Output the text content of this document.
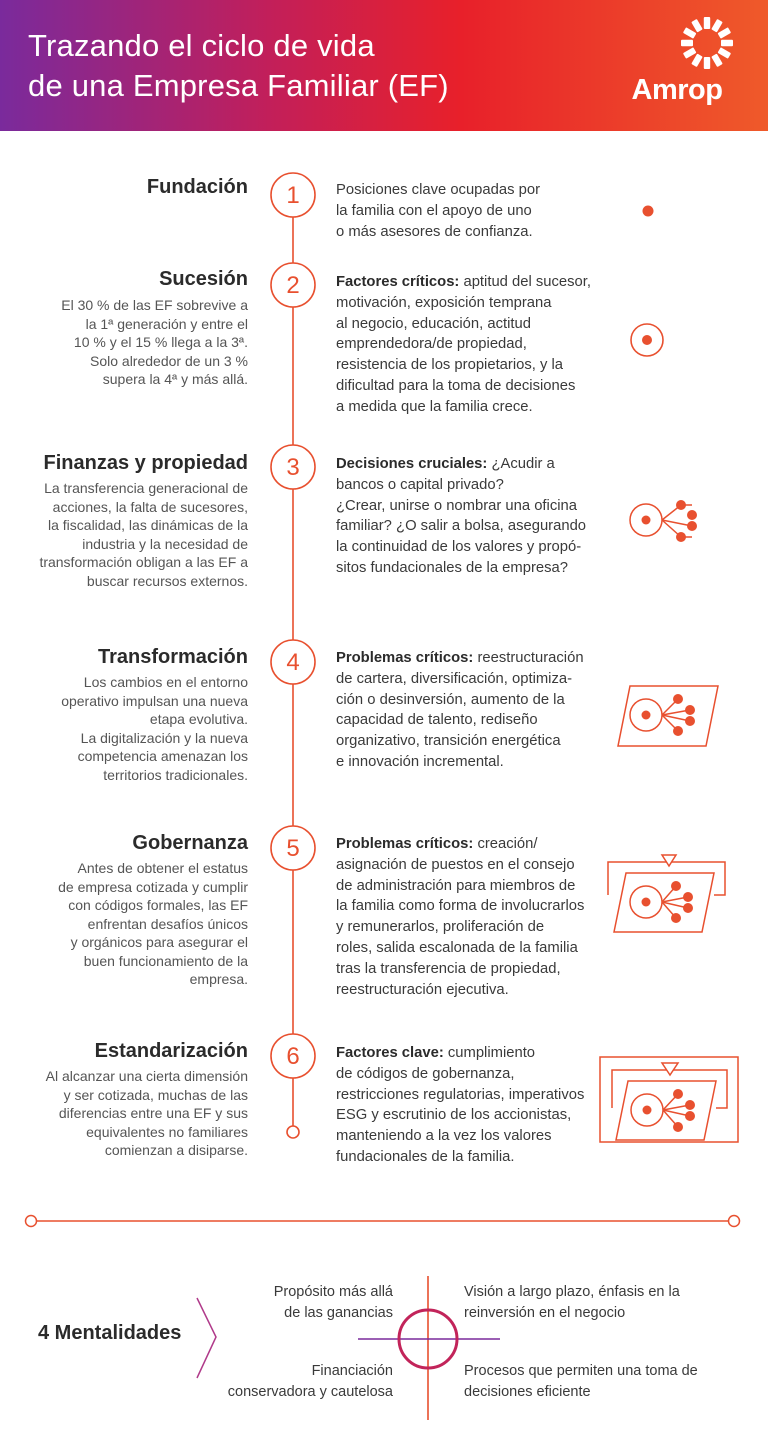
Trazando el ciclo de vida
de una Empresa Familiar (EF)	Amrop
1
2
3
4
5
6
Fundación	Posiciones clave ocupadas por
la familia con el apoyo de uno
o más asesores de confianza.

Sucesión

El 30 % de las EF sobrevive a
la 1ª generación y entre el
10 % y el 15 % llega a la 3ª.
Solo alrededor de un 3 %
supera la 4ª y más allá.

Factores críticos: aptitud del sucesor,
motivación, exposición temprana
al negocio, educación, actitud
emprendedora/de propiedad,
resistencia de los propietarios, y la
dificultad para la toma de decisiones
a medida que la familia crece.

Finanzas y propiedad

La transferencia generacional de
acciones, la falta de sucesores,
la fiscalidad, las dinámicas de la
industria y la necesidad de
transformación obligan a las EF a
buscar recursos externos.

Decisiones cruciales: ¿Acudir a
bancos o capital privado?
¿Crear, unirse o nombrar una oficina
familiar? ¿O salir a bolsa, asegurando
la continuidad de los valores y propó-
sitos fundacionales de la empresa?

Transformación

Los cambios en el entorno
operativo impulsan una nueva
etapa evolutiva.
La digitalización y la nueva
competencia amenazan los
territorios tradicionales.

Problemas críticos: reestructuración
de cartera, diversificación, optimiza-
ción o desinversión, aumento de la
capacidad de talento, rediseño
organizativo, transición energética
e innovación incremental.

Gobernanza

Antes de obtener el estatus
de empresa cotizada y cumplir
con códigos formales, las EF
enfrentan desafíos únicos
y orgánicos para asegurar el
buen funcionamiento de la
empresa.

Problemas críticos: creación/
asignación de puestos en el consejo
de administración para miembros de
la familia como forma de involucrarlos
y remunerarlos, proliferación de
roles, salida escalonada de la familia
tras la transferencia de propiedad,
reestructuración ejecutiva.

Estandarización

Al alcanzar una cierta dimensión
y ser cotizada, muchas de las
diferencias entre una EF y sus
equivalentes no familiares
comienzan a disiparse.

Factores clave: cumplimiento
de códigos de gobernanza,
restricciones regulatorias, imperativos
ESG y escrutinio de los accionistas,
manteniendo a la vez los valores
fundacionales de la familia.

4 Mentalidades

Propósito más allá
de las ganancias

Visión a largo plazo, énfasis en la
reinversión en el negocio

Financiación
conservadora y cautelosa

Procesos que permiten una toma de
decisiones eficiente
